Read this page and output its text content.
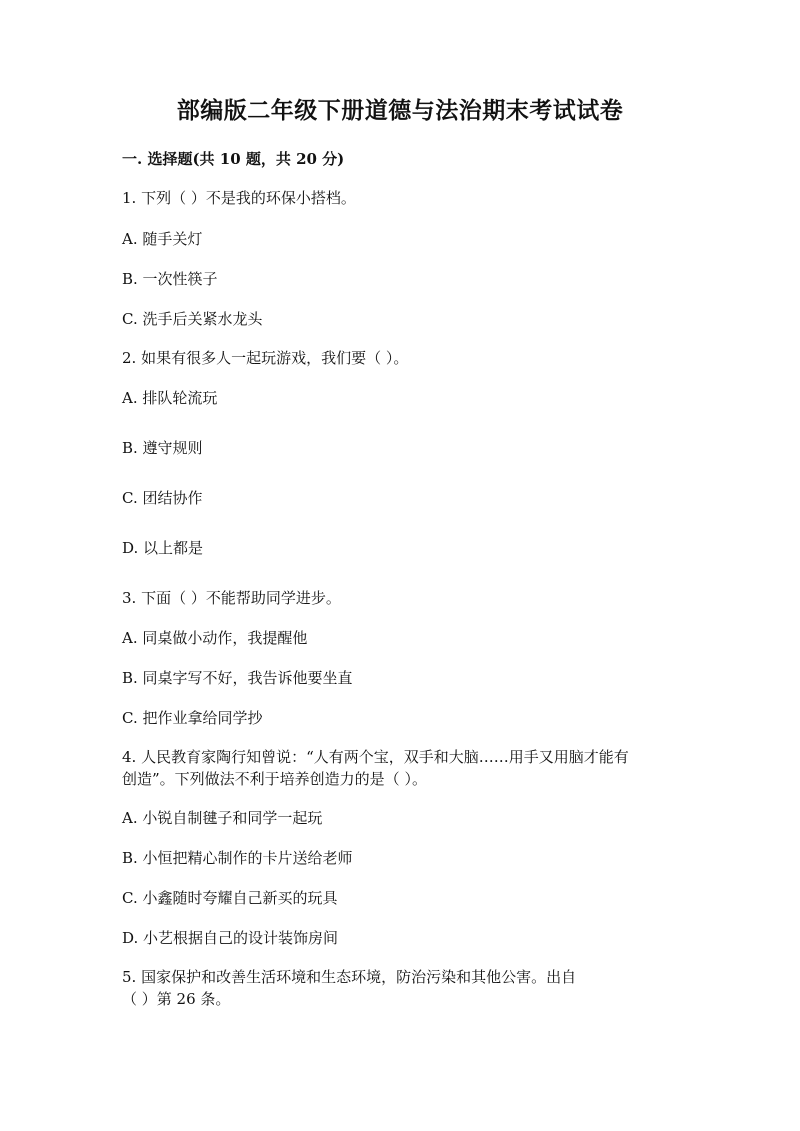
部编版二年级下册道德与法治期末考试试卷
一. 选择题(共 10 题，共 20 分)
1. 下列（ ）不是我的环保小搭档。
A. 随手关灯
B. 一次性筷子
C. 洗手后关紧水龙头
2. 如果有很多人一起玩游戏，我们要（ ）。
A. 排队轮流玩
B. 遵守规则
C. 团结协作
D. 以上都是
3. 下面（ ）不能帮助同学进步。
A. 同桌做小动作，我提醒他
B. 同桌字写不好，我告诉他要坐直
C. 把作业拿给同学抄
4. 人民教育家陶行知曾说：“人有两个宝，双手和大脑……用手又用脑才能有
创造”。下列做法不利于培养创造力的是（ ）。
A. 小锐自制毽子和同学一起玩
B. 小恒把精心制作的卡片送给老师
C. 小鑫随时夸耀自己新买的玩具
D. 小艺根据自己的设计装饰房间
5. 国家保护和改善生活环境和生态环境，防治污染和其他公害。出自
（ ）第 26 条。
